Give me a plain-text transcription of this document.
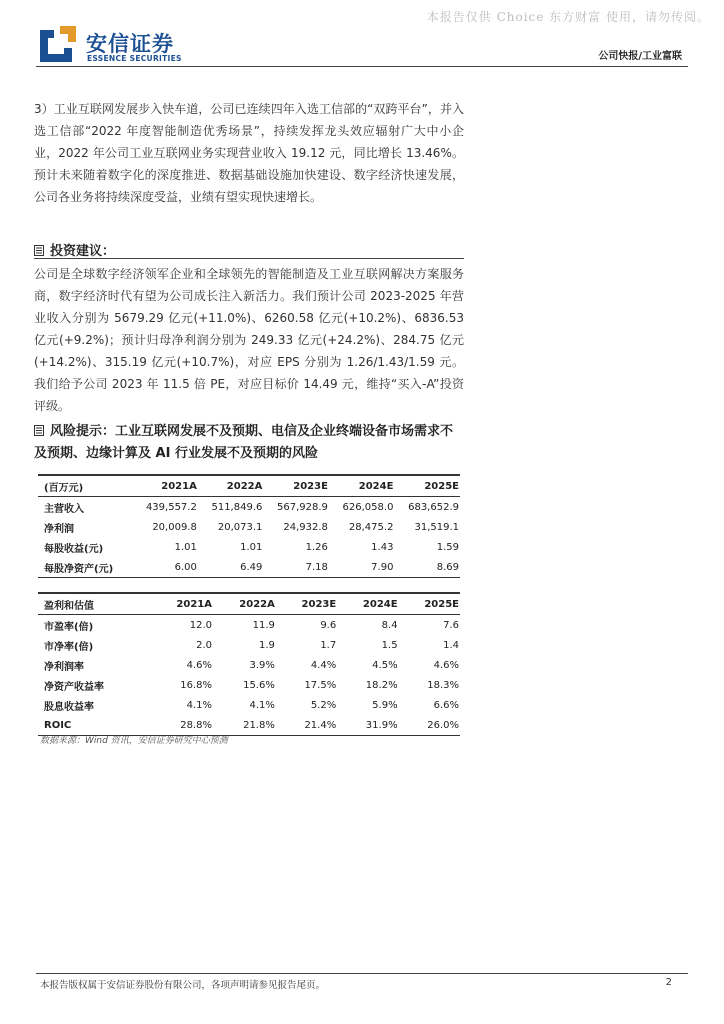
本报告仅供 Choice 东方财富 使用，请勿传阅。
安信证券
ESSENCE SECURITIES	公司快报/工业富联

3）工业互联网发展步入快车道，公司已连续四年入选工信部的“双跨平台”，并入选工信部“2022 年度智能制造优秀场景”，持续发挥龙头效应辐射广大中小企业，2022 年公司工业互联网业务实现营业收入 19.12 元，同比增长 13.46%。预计未来随着数字化的深度推进、数据基础设施加快建设、数字经济快速发展，公司各业务将持续深度受益，业绩有望实现快速增长。

投资建议：

公司是全球数字经济领军企业和全球领先的智能制造及工业互联网解决方案服务商，数字经济时代有望为公司成长注入新活力。我们预计公司 2023-2025 年营业收入分别为 5679.29 亿元(+11.0%)、6260.58 亿元(+10.2%)、6836.53 亿元(+9.2%)；预计归母净利润分别为 249.33 亿元(+24.2%)、284.75 亿元(+14.2%)、315.19 亿元(+10.7%)，对应 EPS 分别为 1.26/1.43/1.59 元。我们给予公司 2023 年 11.5 倍 PE，对应目标价 14.49 元，维持“买入-A”投资评级。

风险提示：工业互联网发展不及预期、电信及企业终端设备市场需求不及预期、边缘计算及 AI 行业发展不及预期的风险
(百万元)	2021A	2022A	2023E	2024E	2025E
主营收入	439,557.2	511,849.6	567,928.9	626,058.0	683,652.9
净利润	20,009.8	20,073.1	24,932.8	28,475.2	31,519.1
每股收益(元)	1.01	1.01	1.26	1.43	1.59
每股净资产(元)	6.00	6.49	7.18	7.90	8.69
盈利和估值	2021A	2022A	2023E	2024E	2025E
市盈率(倍)	12.0	11.9	9.6	8.4	7.6
市净率(倍)	2.0	1.9	1.7	1.5	1.4
净利润率	4.6%	3.9%	4.4%	4.5%	4.6%
净资产收益率	16.8%	15.6%	17.5%	18.2%	18.3%
股息收益率	4.1%	4.1%	5.2%	5.9%	6.6%
ROIC	28.8%	21.8%	21.4%	31.9%	26.0%
数据来源：Wind 资讯，安信证券研究中心预测
本报告版权属于安信证券股份有限公司，各项声明请参见报告尾页。	2
